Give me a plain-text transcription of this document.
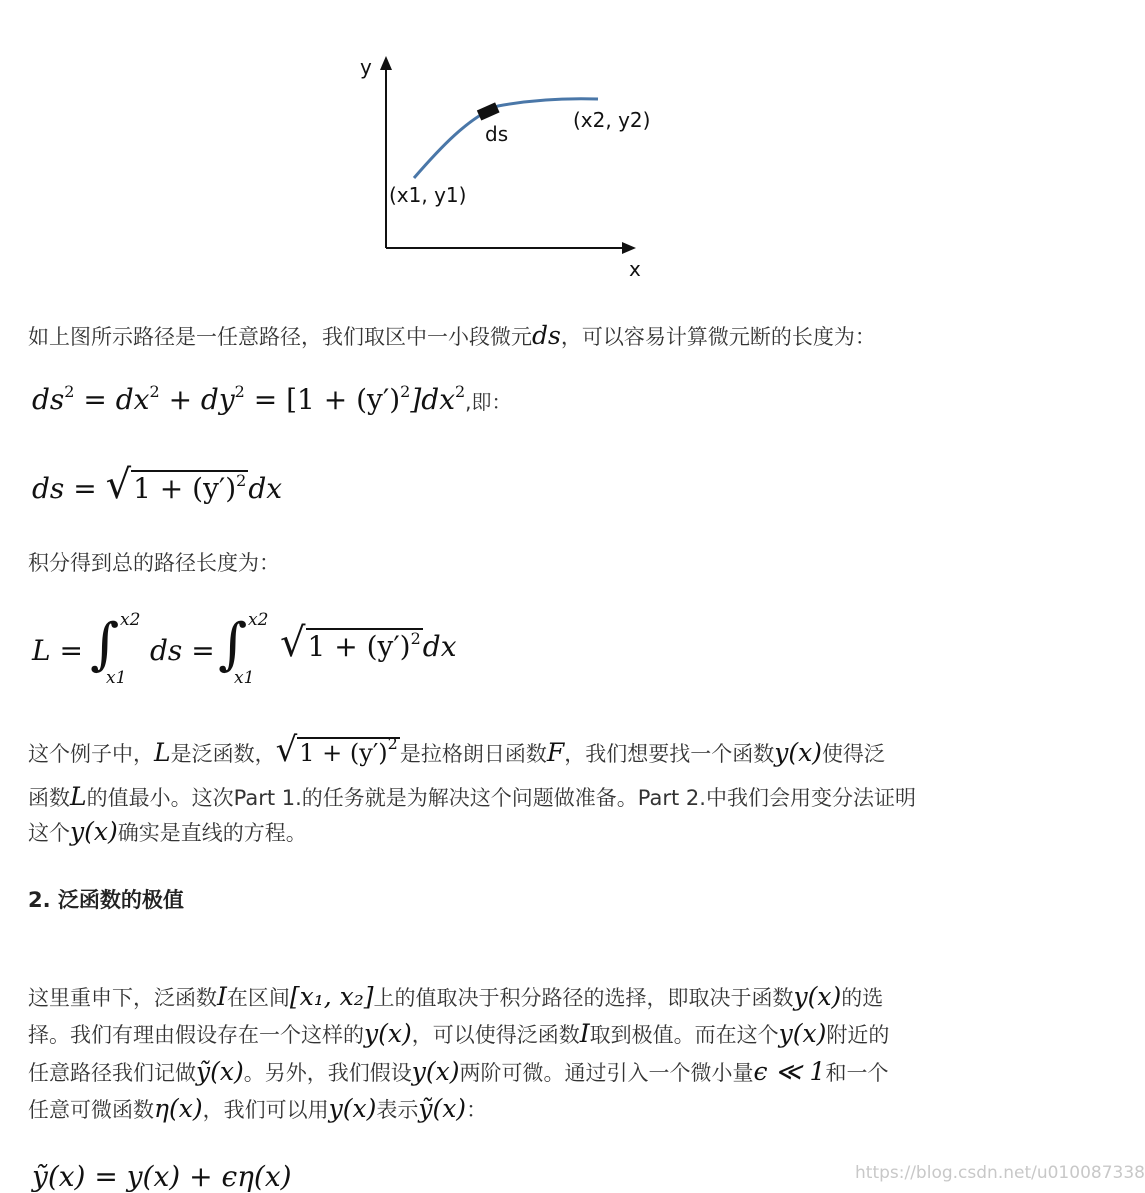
y
x
(x1, y1)
(x2, y2)
ds
如上图所示路径是一任意路径，我们取区中一小段微元ds，可以容易计算微元断的长度为：
$ds^2 = dx^2 + dy^2 = [1 + (y')^2]dx^2$,即：
ds = $√1 + (y')^2dx$
积分得到总的路径长度为：
L = ∫ x2
x1
ds = ∫ x2
x1
$√1 + (y')^2dx$
这个例子中，L是泛函数，$√1 + (y')^2$是拉格朗日函数F，我们想要找一个函数y(x)使得泛
函数L的值最小。这次Part 1.的任务就是为解决这个问题做准备。Part 2.中我们会用变分法证明
这个y(x)确实是直线的方程。
2. 泛函数的极值
这里重申下，泛函数I在区间[x₁, x₂]上的值取决于积分路径的选择，即取决于函数y(x)的选
择。我们有理由假设存在一个这样的y(x)，可以使得泛函数I取到极值。而在这个y(x)附近的
任意路径我们记做ỹ(x)。另外，我们假设y(x)两阶可微。通过引入一个微小量ϵ ≪ 1和一个
任意可微函数η(x)，我们可以用y(x)表示ỹ(x)：
ỹ(x) = y(x) + ϵη(x)	https://blog.csdn.net/u010087338
